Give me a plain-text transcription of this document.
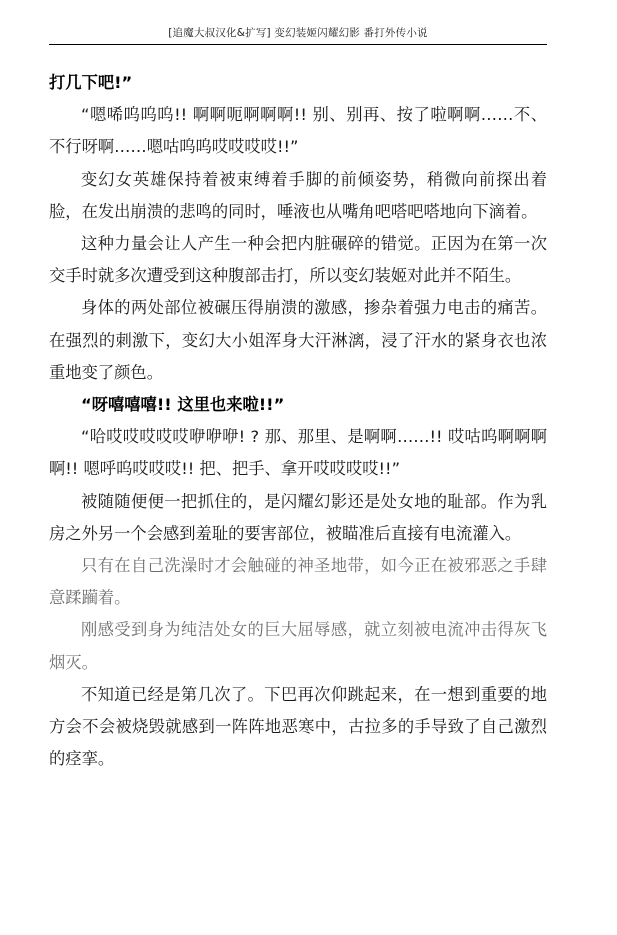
[追魔大叔汉化&扩写] 变幻装姬闪耀幻影 番打外传小说

打几下吧!”

“嗯唏呜呜呜!! 啊啊呃啊啊啊!! 别、别再、按了啦啊啊……不、不行呀啊……嗯咕呜呜哎哎哎哎!!”

变幻女英雄保持着被束缚着手脚的前倾姿势，稍微向前探出着脸，在发出崩溃的悲鸣的同时，唾液也从嘴角吧嗒吧嗒地向下滴着。

这种力量会让人产生一种会把内脏碾碎的错觉。正因为在第一次交手时就多次遭受到这种腹部击打，所以变幻装姬对此并不陌生。

身体的两处部位被碾压得崩溃的激感，掺杂着强力电击的痛苦。在强烈的刺激下，变幻大小姐浑身大汗淋漓，浸了汗水的紧身衣也浓重地变了颜色。

“呀嘻嘻嘻!! 这里也来啦!!”

“哈哎哎哎哎哎咿咿咿! ? 那、那里、是啊啊……!! 哎咕呜啊啊啊啊!! 嗯呼呜哎哎哎!! 把、把手、拿开哎哎哎哎!!”

被随随便便一把抓住的，是闪耀幻影还是处女地的耻部。作为乳房之外另一个会感到羞耻的要害部位，被瞄准后直接有电流灌入。

只有在自己洗澡时才会触碰的神圣地带，如今正在被邪恶之手肆意蹂躏着。

刚感受到身为纯洁处女的巨大屈辱感，就立刻被电流冲击得灰飞烟灭。

不知道已经是第几次了。下巴再次仰跳起来，在一想到重要的地方会不会被烧毁就感到一阵阵地恶寒中，古拉多的手导致了自己激烈的痉挛。
